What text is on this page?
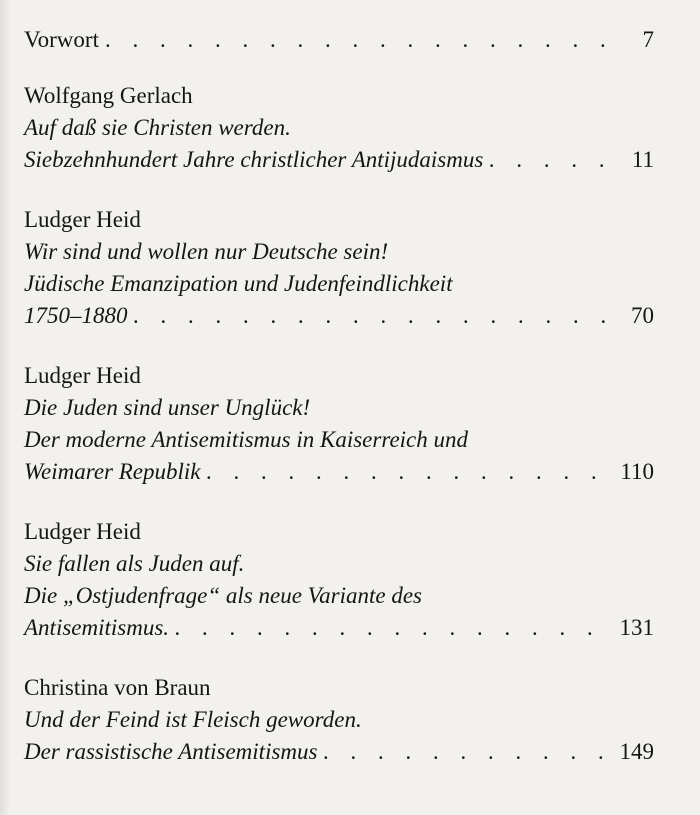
Vorwort . . .	7
Wolfgang Gerlach
Auf daß sie Christen werden.
Siebzehnhundert Jahre christlicher Antijudaismus . . .	11
Ludger Heid
Wir sind und wollen nur Deutsche sein!
Jüdische Emanzipation und Judenfeindlichkeit
1750–1880 . . .	70
Ludger Heid
Die Juden sind unser Unglück!
Der moderne Antisemitismus in Kaiserreich und
Weimarer Republik . . .	110
Ludger Heid
Sie fallen als Juden auf.
Die „Ostjudenfrage“ als neue Variante des
Antisemitismus. . . .	131
Christina von Braun
Und der Feind ist Fleisch geworden.
Der rassistische Antisemitismus . . .	149
